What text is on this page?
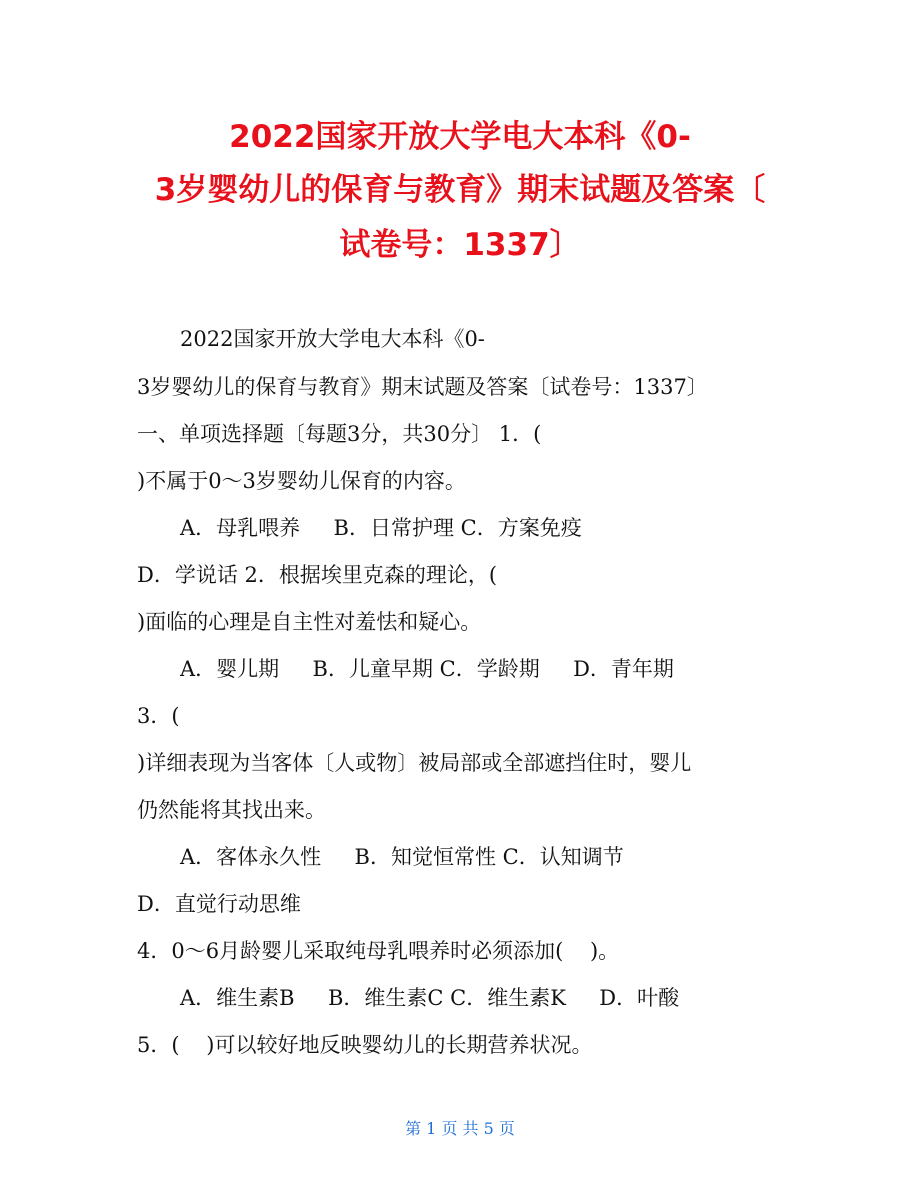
2022国家开放大学电大本科《0-
3岁婴幼儿的保育与教育》期末试题及答案〔
试卷号：1337〕
2022国家开放大学电大本科《0-
3岁婴幼儿的保育与教育》期末试题及答案〔试卷号：1337〕
一、单项选择题〔每题3分，共30分〕 1．(
)不属于0～3岁婴幼儿保育的内容。
A．母乳喂养     B．日常护理 C．方案免疫
D．学说话 2．根据埃里克森的理论，(
)面临的心理是自主性对羞怯和疑心。
A．婴儿期     B．儿童早期 C．学龄期     D．青年期
3．(
)详细表现为当客体〔人或物〕被局部或全部遮挡住时，婴儿
仍然能将其找出来。
A．客体永久性     B．知觉恒常性 C．认知调节
D．直觉行动思维
4．0～6月龄婴儿采取纯母乳喂养时必须添加(    )。
A．维生素B     B．维生素C C．维生素K     D．叶酸
5．(    )可以较好地反映婴幼儿的长期营养状况。
第 1 页 共 5 页
